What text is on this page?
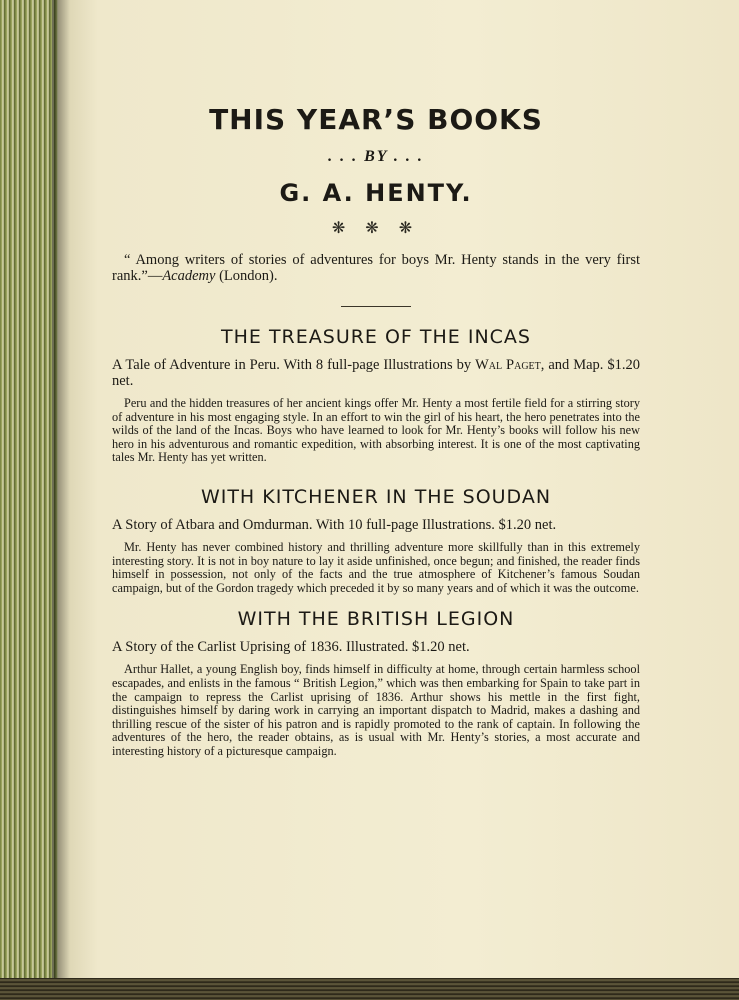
THIS YEAR’S BOOKS
. . . BY . . .
G. A. HENTY.
❋ ❋ ❋

“ Among writers of stories of adventures for boys Mr. Henty stands in the very first rank.”—Academy (London).

THE TREASURE OF THE INCAS
A Tale of Adventure in Peru. With 8 full-page Illustrations by Wal Paget, and Map. $1.20 net.
Peru and the hidden treasures of her ancient kings offer Mr. Henty a most fertile field for a stirring story of adventure in his most engaging style. In an effort to win the girl of his heart, the hero penetrates into the wilds of the land of the Incas. Boys who have learned to look for Mr. Henty’s books will follow his new hero in his adventurous and romantic expedition, with absorbing interest. It is one of the most captivating tales Mr. Henty has yet written.
WITH KITCHENER IN THE SOUDAN
A Story of Atbara and Omdurman. With 10 full-page Illustrations. $1.20 net.
Mr. Henty has never combined history and thrilling adventure more skillfully than in this extremely interesting story. It is not in boy nature to lay it aside unfinished, once begun; and finished, the reader finds himself in possession, not only of the facts and the true atmosphere of Kitchener’s famous Soudan campaign, but of the Gordon tragedy which preceded it by so many years and of which it was the outcome.
WITH THE BRITISH LEGION
A Story of the Carlist Uprising of 1836. Illustrated. $1.20 net.
Arthur Hallet, a young English boy, finds himself in difficulty at home, through certain harmless school escapades, and enlists in the famous “ British Legion,” which was then embarking for Spain to take part in the campaign to repress the Carlist uprising of 1836. Arthur shows his mettle in the first fight, distinguishes himself by daring work in carrying an important dispatch to Madrid, makes a dashing and thrilling rescue of the sister of his patron and is rapidly promoted to the rank of captain. In following the adventures of the hero, the reader obtains, as is usual with Mr. Henty’s stories, a most accurate and interesting history of a picturesque campaign.
